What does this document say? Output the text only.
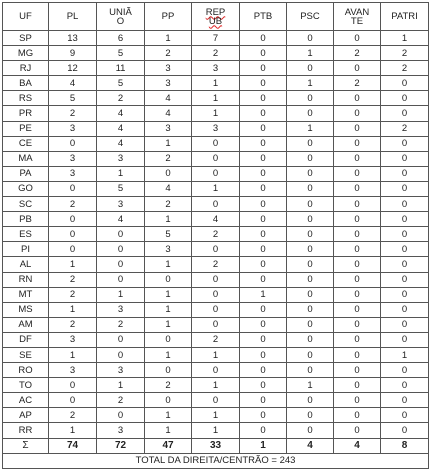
UF	PL	UNIÃO	PP	REPUB	PTB	PSC	AVANTE	PATRI
SP	13	6	1	7	0	0	0	1
MG	9	5	2	2	0	1	2	2
RJ	12	11	3	3	0	0	0	2
BA	4	5	3	1	0	1	2	0
RS	5	2	4	1	0	0	0	0
PR	2	4	4	1	0	0	0	0
PE	3	4	3	3	0	1	0	2
CE	0	4	1	0	0	0	0	0
MA	3	3	2	0	0	0	0	0
PA	3	1	0	0	0	0	0	0
GO	0	5	4	1	0	0	0	0
SC	2	3	2	0	0	0	0	0
PB	0	4	1	4	0	0	0	0
ES	0	0	5	2	0	0	0	0
PI	0	0	3	0	0	0	0	0
AL	1	0	1	2	0	0	0	0
RN	2	0	0	0	0	0	0	0
MT	2	1	1	0	1	0	0	0
MS	1	3	1	0	0	0	0	0
AM	2	2	1	0	0	0	0	0
DF	3	0	0	2	0	0	0	0
SE	1	0	1	1	0	0	0	1
RO	3	3	0	0	0	0	0	0
TO	0	1	2	1	0	1	0	0
AC	0	2	0	0	0	0	0	0
AP	2	0	1	1	0	0	0	0
RR	1	3	1	1	0	0	0	0
Σ	74	72	47	33	1	4	4	8
TOTAL DA DIREITA/CENTRÃO = 243								
